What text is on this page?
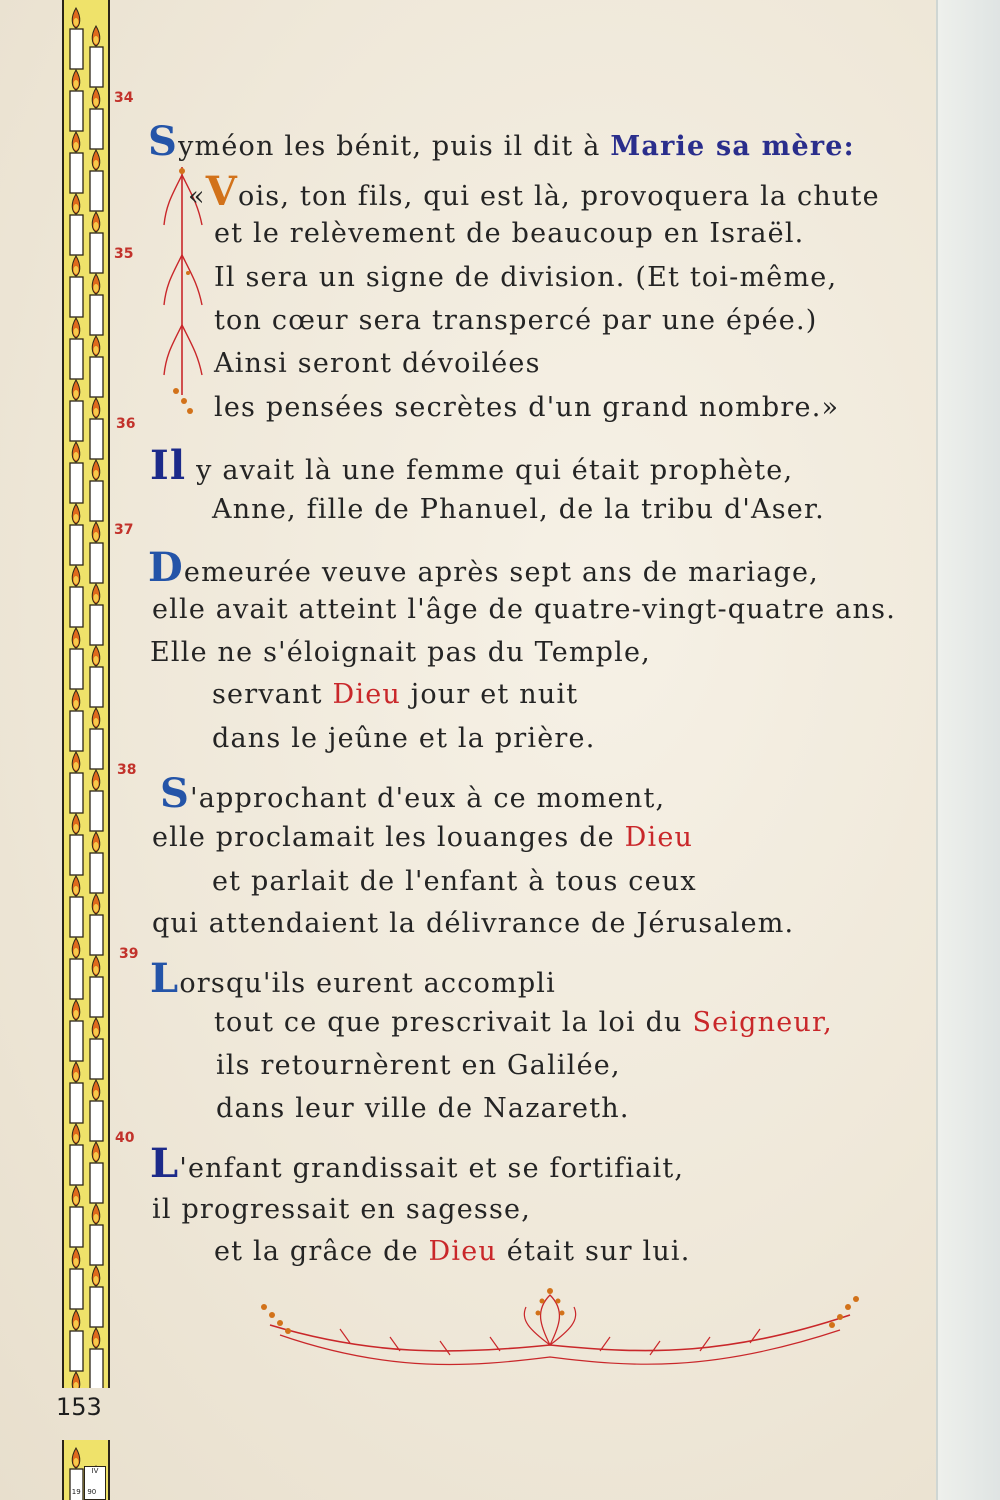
IV
19 90
153
34
35
36
37
38
39
40
Syméon les bénit, puis il dit à Marie sa mère:
«Vois, ton fils, qui est là, provoquera la chute
et le relèvement de beaucoup en Israël.
Il sera un signe de division. (Et toi-même,
ton cœur sera transpercé par une épée.)
Ainsi seront dévoilées
les pensées secrètes d'un grand nombre.»
Il y avait là une femme qui était prophète,
Anne, fille de Phanuel, de la tribu d'Aser.
Demeurée veuve après sept ans de mariage,
elle avait atteint l'âge de quatre-vingt-quatre ans.
Elle ne s'éloignait pas du Temple,
servant Dieu jour et nuit
dans le jeûne et la prière.
S'approchant d'eux à ce moment,
elle proclamait les louanges de Dieu
et parlait de l'enfant à tous ceux
qui attendaient la délivrance de Jérusalem.
Lorsqu'ils eurent accompli
tout ce que prescrivait la loi du Seigneur,
ils retournèrent en Galilée,
dans leur ville de Nazareth.
L'enfant grandissait et se fortifiait,
il progressait en sagesse,
et la grâce de Dieu était sur lui.
